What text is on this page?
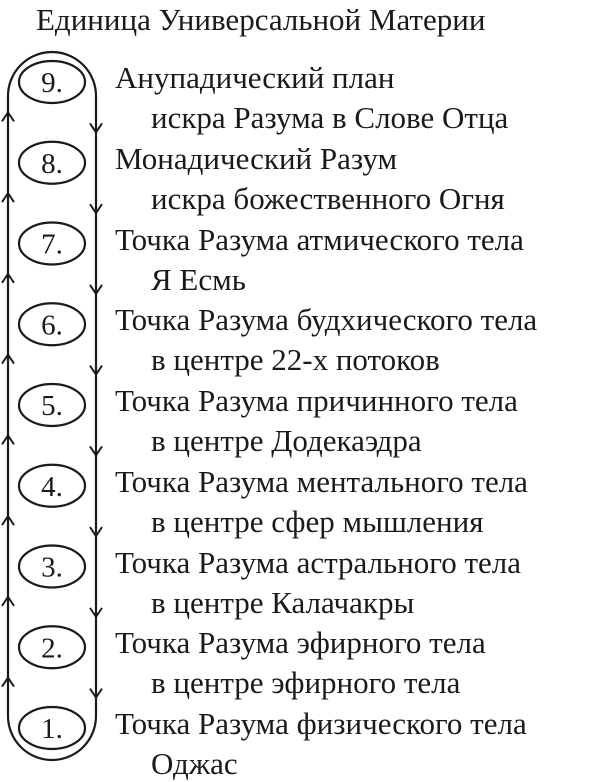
Единица Универсальной Материи
9.
8.
7.
6.
5.
4.
3.
2.
1.
Анупадический план
искра Разума в Слове Отца
Монадический Разум
искра божественного Огня
Точка Разума атмического тела
Я Есмь
Точка Разума будхического тела
в центре 22-х потоков
Точка Разума причинного тела
в центре Додекаэдра
Точка Разума ментального тела
в центре сфер мышления
Точка Разума астрального тела
в центре Калачакры
Точка Разума эфирного тела
в центре эфирного тела
Точка Разума физического тела
Оджас
